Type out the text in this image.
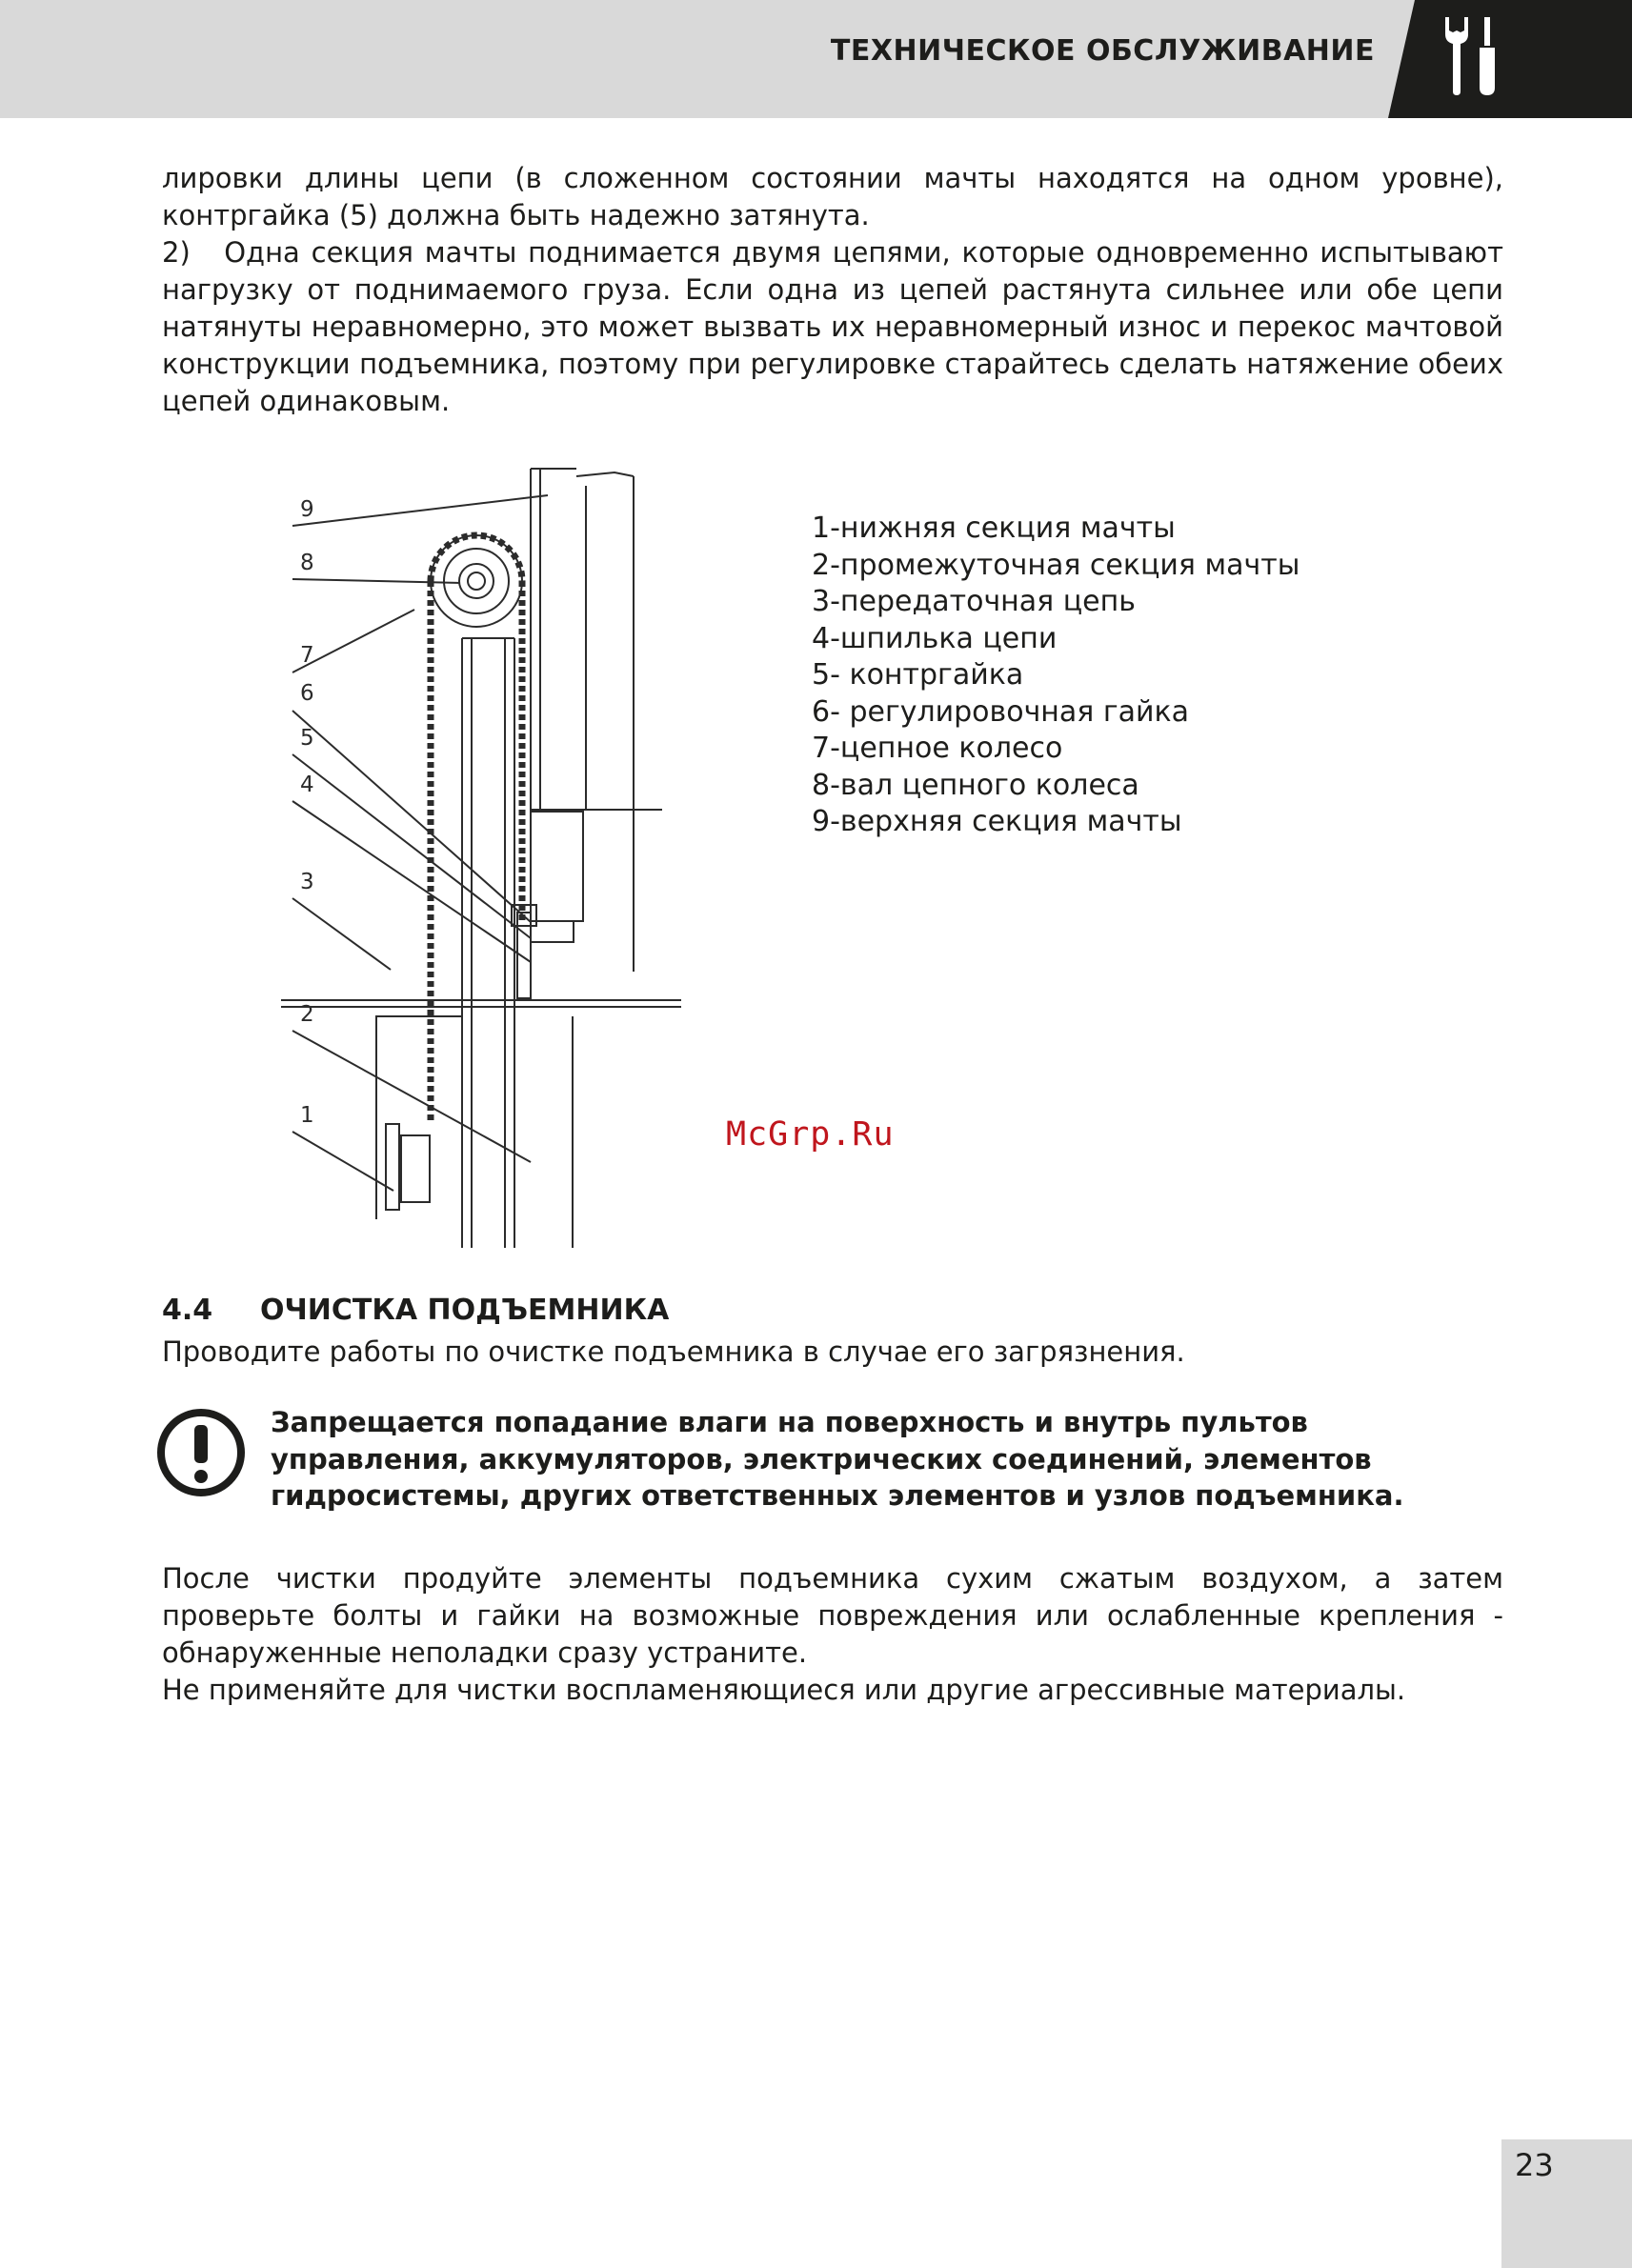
ТЕХНИЧЕСКОЕ ОБСЛУЖИВАНИЕ

лировки длины цепи (в сложенном состоянии мачты находятся на одном уровне), контргайка (5) должна быть надежно затянута.

2)   Одна секция мачты поднимается двумя цепями, которые одновременно испытывают нагрузку от поднимаемого груза. Если одна из цепей растянута сильнее или обе цепи натянуты неравномерно, это может вызвать их неравномерный износ и перекос мачтовой конструкции подъемника, поэтому при регулировке старайтесь сделать натяжение обеих цепей одинаковым.

9
8
7
6
5
4
3
2
1
1-нижняя секция мачты
2-промежуточная секция мачты
3-передаточная цепь
4-шпилька цепи
5- контргайка
6- регулировочная гайка
7-цепное колесо
8-вал цепного колеса
9-верхняя секция мачты
McGrp.Ru
4.4 ОЧИСТКА ПОДЪЕМНИКА

Проводите работы по очистке подъемника в случае его загрязнения.

Запрещается попадание влаги на поверхность и внутрь пультов управления, аккумуляторов, электрических соединений, элементов гидросистемы, других ответственных элементов и узлов подъемника.

После чистки продуйте элементы подъемника сухим сжатым воздухом, а затем проверьте болты и гайки на возможные повреждения или ослабленные крепления - обнаруженные неполадки сразу устраните.

Не применяйте для чистки воспламеняющиеся или другие агрессивные материалы.

23
